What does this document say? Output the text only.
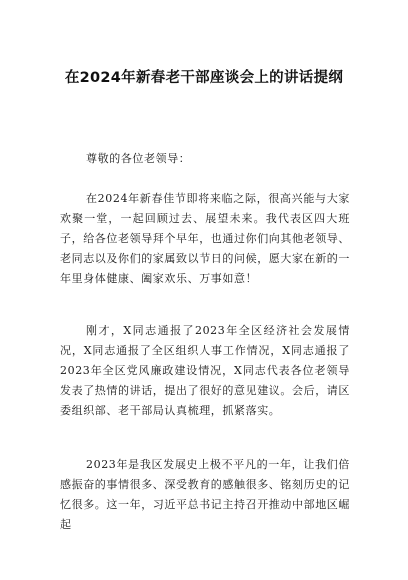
在2024年新春老干部座谈会上的讲话提纲

尊敬的各位老领导：

在2024年新春佳节即将来临之际，很高兴能与大家欢聚一堂，一起回顾过去、展望未来。我代表区四大班子，给各位老领导拜个早年，也通过你们向其他老领导、老同志以及你们的家属致以节日的问候，愿大家在新的一年里身体健康、阖家欢乐、万事如意！

刚才，X同志通报了2023年全区经济社会发展情况，X同志通报了全区组织人事工作情况，X同志通报了2023年全区党风廉政建设情况，X同志代表各位老领导发表了热情的讲话，提出了很好的意见建议。会后，请区委组织部、老干部局认真梳理，抓紧落实。

2023年是我区发展史上极不平凡的一年，让我们倍感振奋的事情很多、深受教育的感触很多、铭刻历史的记忆很多。这一年，习近平总书记主持召开推动中部地区崛起
